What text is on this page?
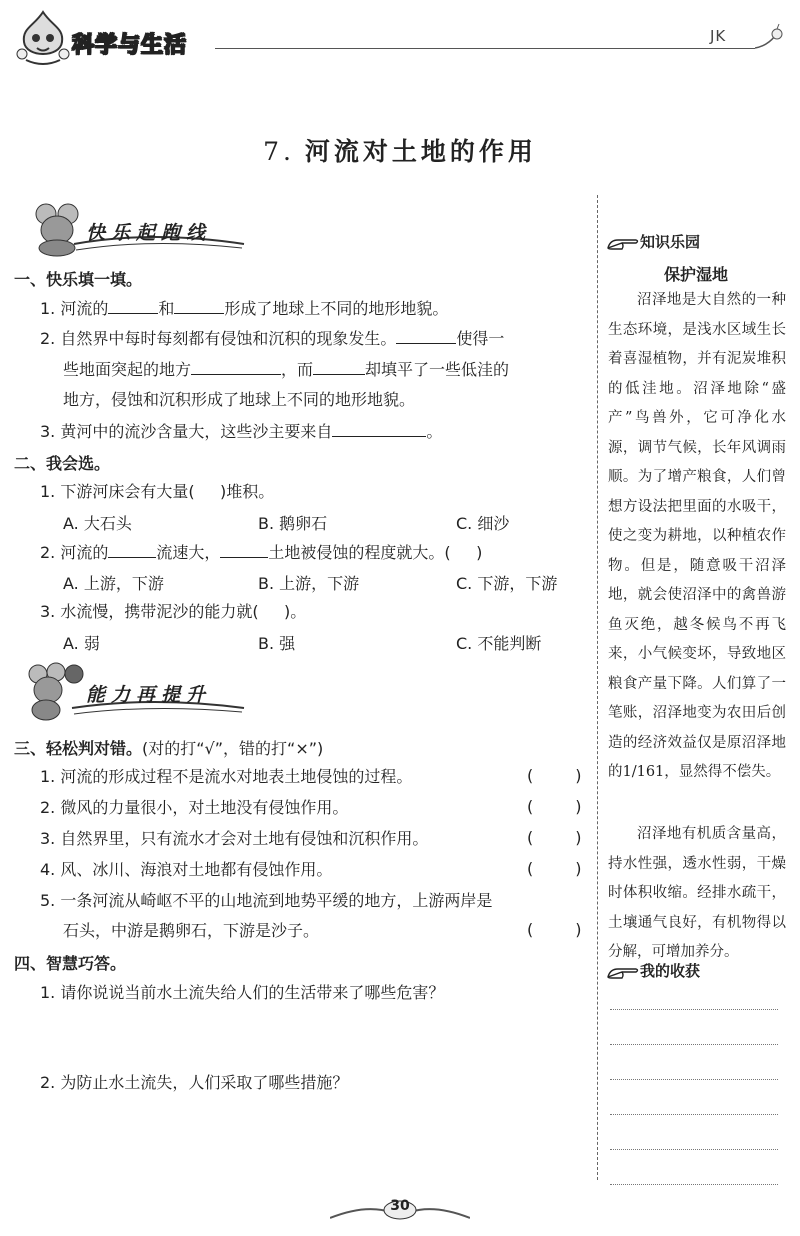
科学与生活	JK
7. 河流对土地的作用
快乐起跑线
一、快乐填一填。
1. 河流的	和	形成了地球上不同的地形地貌。
2. 自然界中每时每刻都有侵蚀和沉积的现象发生。	使得一
些地面突起的地方	，而	却填平了一些低洼的
地方，侵蚀和沉积形成了地球上不同的地形地貌。
3. 黄河中的流沙含量大，这些沙主要来自	。
二、我会选。
1. 下游河床会有大量( )堆积。
A. 大石头	B. 鹅卵石	C. 细沙
2. 河流的	流速大，	土地被侵蚀的程度就大。( )
A. 上游，下游	B. 上游，下游	C. 下游，下游
3. 水流慢，携带泥沙的能力就( )。
A. 弱	B. 强	C. 不能判断
能力再提升
三、轻松判对错。(对的打“√”，错的打“×”)
1. 河流的形成过程不是流水对地表土地侵蚀的过程。	(	)
2. 微风的力量很小，对土地没有侵蚀作用。	(	)
3. 自然界里，只有流水才会对土地有侵蚀和沉积作用。	(	)
4. 风、冰川、海浪对土地都有侵蚀作用。	(	)
5. 一条河流从崎岖不平的山地流到地势平缓的地方，上游两岸是
石头，中游是鹅卵石，下游是沙子。	(	)
四、智慧巧答。
1. 请你说说当前水土流失给人们的生活带来了哪些危害？
2. 为防止水土流失，人们采取了哪些措施？
知识乐园
保护湿地
沼泽地是大自然的一种生态环境，是浅水区域生长着喜湿植物，并有泥炭堆积的低洼地。沼泽地除“盛产”鸟兽外，它可净化水源，调节气候，长年风调雨顺。为了增产粮食，人们曾想方设法把里面的水吸干，使之变为耕地，以种植农作物。但是，随意吸干沼泽地，就会使沼泽中的禽兽游鱼灭绝，越冬候鸟不再飞来，小气候变坏，导致地区粮食产量下降。人们算了一笔账，沼泽地变为农田后创造的经济效益仅是原沼泽地的1/161，显然得不偿失。
沼泽地有机质含量高，持水性强，透水性弱，干燥时体积收缩。经排水疏干，土壤通气良好，有机物得以分解，可增加养分。
我的收获
30
